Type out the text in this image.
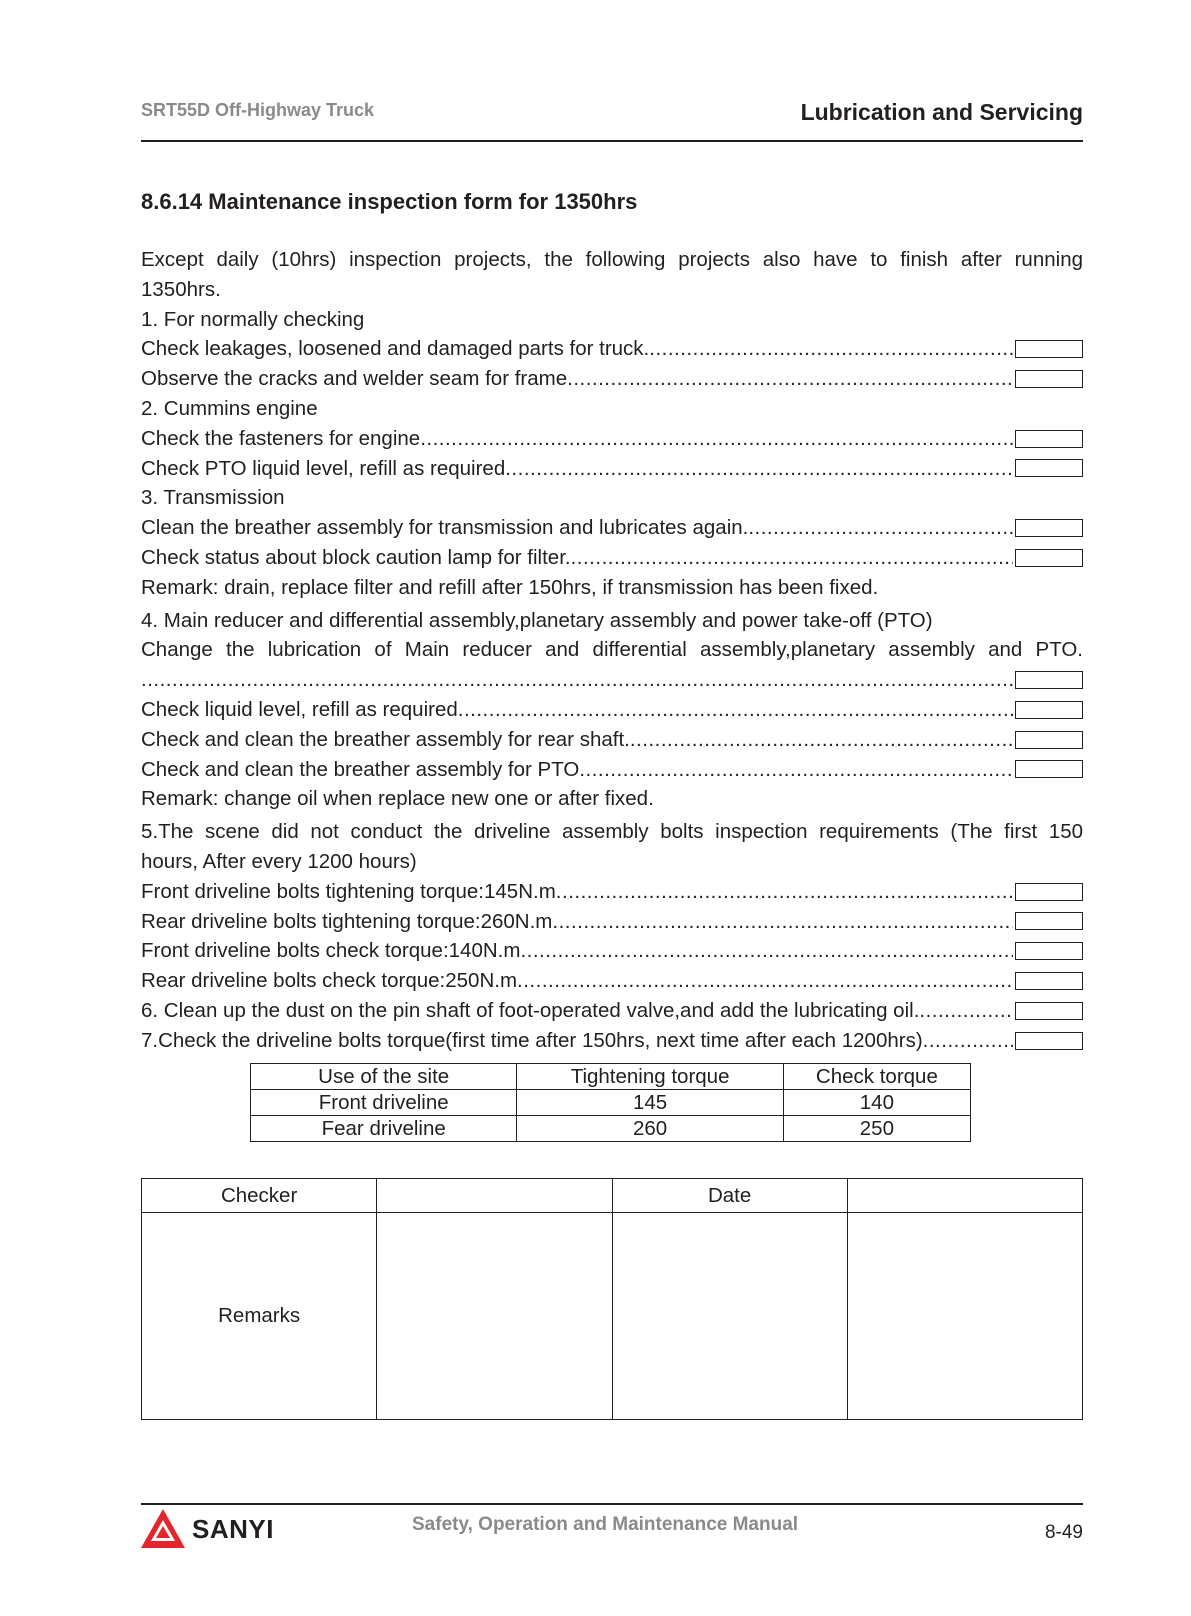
SRT55D Off-Highway Truck	Lubrication and Servicing
8.6.14 Maintenance inspection form for 1350hrs
Except daily (10hrs) inspection projects, the following projects also have to finish after running
1350hrs.
1. For normally checking
Check leakages, loosened and damaged parts for truck.
.....
Observe the cracks and welder seam for frame
.....
2. Cummins engine
Check the fasteners for engine
.....
Check PTO liquid level, refill as required
.....
3. Transmission
Clean the breather assembly for transmission and lubricates again.
.....
Check status about block caution lamp for filter.
.....
Remark: drain, replace filter and refill after 150hrs, if transmission has been fixed.
4. Main reducer and differential assembly,planetary assembly and power take-off (PTO)
Change the lubrication of Main reducer and differential assembly,planetary assembly and PTO.
.....
Check liquid level, refill as required
.....
Check and clean the breather assembly for rear shaft.
.....
Check and clean the breather assembly for PTO
.....
Remark: change oil when replace new one or after fixed.
5.The scene did not conduct the driveline assembly bolts inspection requirements (The first 150
hours, After every 1200 hours)
Front driveline bolts tightening torque:145N.m
.....
Rear driveline bolts tightening torque:260N.m
.....
Front driveline bolts check torque:140N.m
.....
Rear driveline bolts check torque:250N.m
.....
6. Clean up the dust on the pin shaft of foot-operated valve,and add the lubricating oil.
.....
7.Check the driveline bolts torque(first time after 150hrs, next time after each 1200hrs)
.....
Use of the site	Tightening torque	Check torque
Front driveline	145	140
Fear driveline	260	250
Checker		Date	
Remarks			
SANYI	Safety, Operation and Maintenance Manual	8-49
